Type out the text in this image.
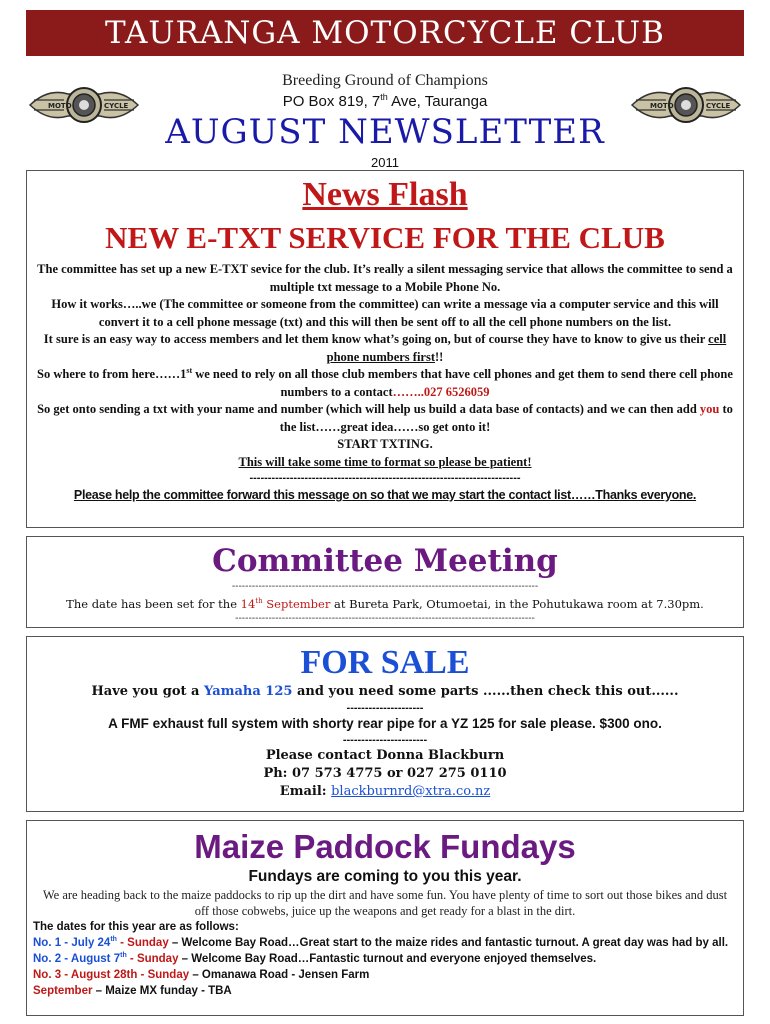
TAURANGA MOTORCYCLE CLUB
MOTO	CYCLE	MOTO	CYCLE
Breeding Ground of Champions
PO Box 819, 7th Ave, Tauranga
AUGUST NEWSLETTER
2011
News Flash
NEW E-TXT SERVICE FOR THE CLUB
The committee has set up a new E-TXT sevice for the club. It’s really a silent messaging service that allows the committee to send a multiple txt message to a Mobile Phone No.
How it works…..we (The committee or someone from the committee) can write a message via a computer service and this will convert it to a cell phone message (txt) and this will then be sent off to all the cell phone numbers on the list.
It sure is an easy way to access members and let them know what’s going on, but of course they have to know to give us their cell phone numbers first!!
So where to from here……1st we need to rely on all those club members that have cell phones and get them to send there cell phone numbers to a contact……..027 6526059
So get onto sending a txt with your name and number (which will help us build a data base of contacts) and we can then add you to the list……great idea……so get onto it!
START TXTING.
This will take some time to format so please be patient!
--------------------------------------------------------------------------
Please help the committee forward this message on so that we may start the contact list……Thanks everyone.
Committee Meeting
--------------------------------------------------------------------------------------------
The date has been set for the 14th September at Bureta Park, Otumoetai, in the Pohutukawa room at 7.30pm.
------------------------------------------------------------------------------------------
FOR SALE
Have you got a Yamaha 125 and you need some parts ......then check this out......
---------------------
A FMF exhaust full system with shorty rear pipe for a YZ 125 for sale please. $300 ono.
-----------------------
Please contact Donna Blackburn
Ph: 07 573 4775 or 027 275 0110
Email: blackburnrd@xtra.co.nz
Maize Paddock Fundays
Fundays are coming to you this year.
We are heading back to the maize paddocks to rip up the dirt and have some fun. You have plenty of time to sort out those bikes and dust off those cobwebs, juice up the weapons and get ready for a blast in the dirt.
The dates for this year are as follows:
No. 1 - July 24th - Sunday – Welcome Bay Road…Great start to the maize rides and fantastic turnout. A great day was had by all.
No. 2 - August 7th - Sunday – Welcome Bay Road…Fantastic turnout and everyone enjoyed themselves.
No. 3 - August 28th - Sunday – Omanawa Road - Jensen Farm
September – Maize MX funday - TBA
